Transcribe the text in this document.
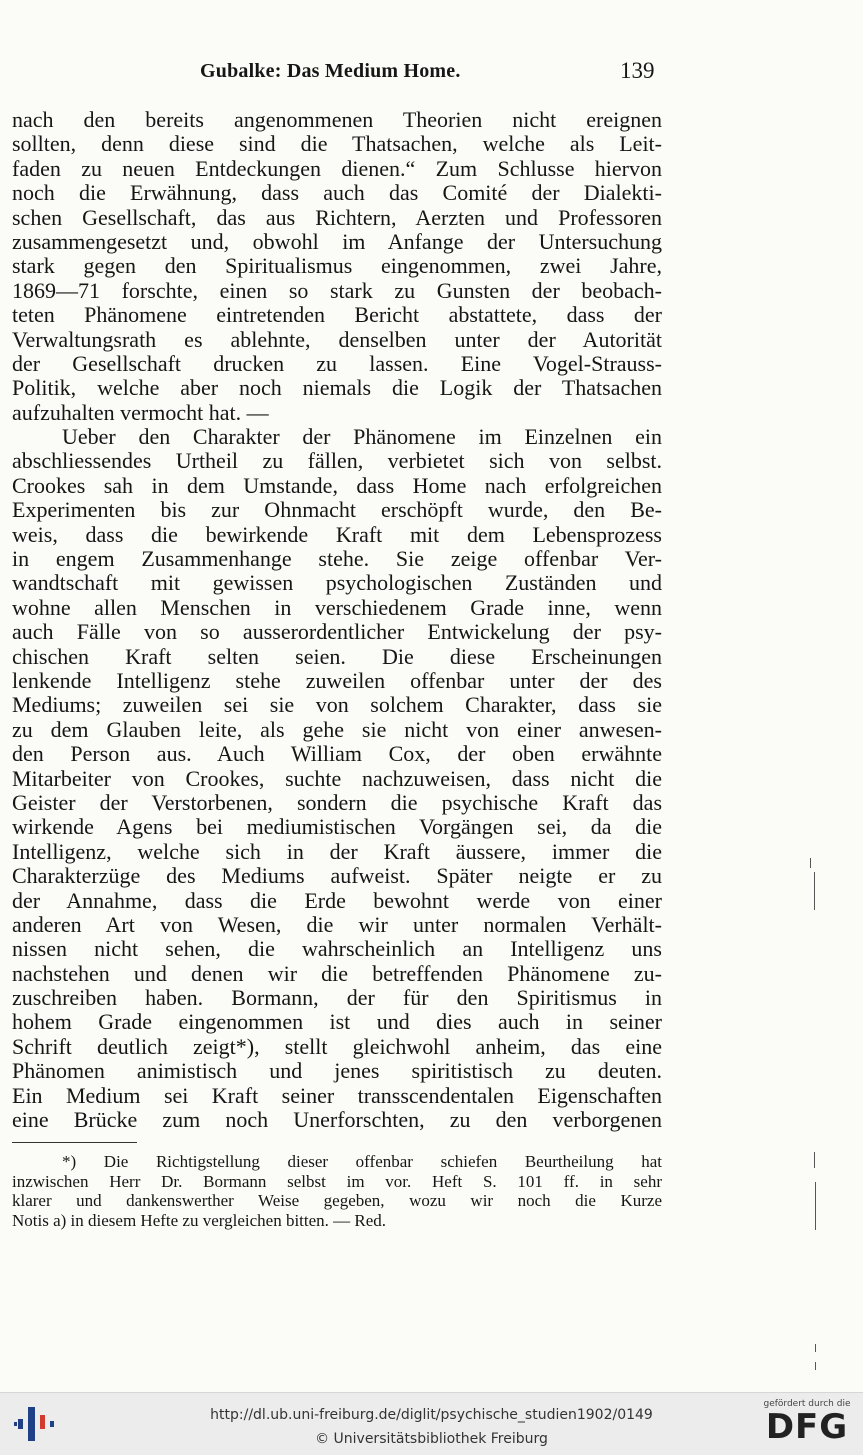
Gubalke: Das Medium Home.	139
nach den bereits angenommenen Theorien nicht ereignen
sollten, denn diese sind die Thatsachen, welche als Leit-
faden zu neuen Entdeckungen dienen.“ Zum Schlusse hiervon
noch die Erwähnung, dass auch das Comité der Dialekti-
schen Gesellschaft, das aus Richtern, Aerzten und Professoren
zusammengesetzt und, obwohl im Anfange der Untersuchung
stark gegen den Spiritualismus eingenommen, zwei Jahre,
1869—71 forschte, einen so stark zu Gunsten der beobach-
teten Phänomene eintretenden Bericht abstattete, dass der
Verwaltungsrath es ablehnte, denselben unter der Autorität
der Gesellschaft drucken zu lassen. Eine Vogel-Strauss-
Politik, welche aber noch niemals die Logik der Thatsachen
aufzuhalten vermocht hat. —
Ueber den Charakter der Phänomene im Einzelnen ein
abschliessendes Urtheil zu fällen, verbietet sich von selbst.
Crookes sah in dem Umstande, dass Home nach erfolgreichen
Experimenten bis zur Ohnmacht erschöpft wurde, den Be-
weis, dass die bewirkende Kraft mit dem Lebensprozess
in engem Zusammenhange stehe. Sie zeige offenbar Ver-
wandtschaft mit gewissen psychologischen Zuständen und
wohne allen Menschen in verschiedenem Grade inne, wenn
auch Fälle von so ausserordentlicher Entwickelung der psy-
chischen Kraft selten seien. Die diese Erscheinungen
lenkende Intelligenz stehe zuweilen offenbar unter der des
Mediums; zuweilen sei sie von solchem Charakter, dass sie
zu dem Glauben leite, als gehe sie nicht von einer anwesen-
den Person aus. Auch William Cox, der oben erwähnte
Mitarbeiter von Crookes, suchte nachzuweisen, dass nicht die
Geister der Verstorbenen, sondern die psychische Kraft das
wirkende Agens bei mediumistischen Vorgängen sei, da die
Intelligenz, welche sich in der Kraft äussere, immer die
Charakterzüge des Mediums aufweist. Später neigte er zu
der Annahme, dass die Erde bewohnt werde von einer
anderen Art von Wesen, die wir unter normalen Verhält-
nissen nicht sehen, die wahrscheinlich an Intelligenz uns
nachstehen und denen wir die betreffenden Phänomene zu-
zuschreiben haben. Bormann, der für den Spiritismus in
hohem Grade eingenommen ist und dies auch in seiner
Schrift deutlich zeigt*), stellt gleichwohl anheim, das eine
Phänomen animistisch und jenes spiritistisch zu deuten.
Ein Medium sei Kraft seiner transscendentalen Eigenschaften
eine Brücke zum noch Unerforschten, zu den verborgenen
*) Die Richtigstellung dieser offenbar schiefen Beurtheilung hat
inzwischen Herr Dr. Bormann selbst im vor. Heft S. 101 ff. in sehr
klarer und dankenswerther Weise gegeben, wozu wir noch die Kurze
Notis a) in diesem Hefte zu vergleichen bitten. — Red.
http://dl.ub.uni-freiburg.de/diglit/psychische_studien1902/0149
© Universitätsbibliothek Freiburg
gefördert durch die
DFG
